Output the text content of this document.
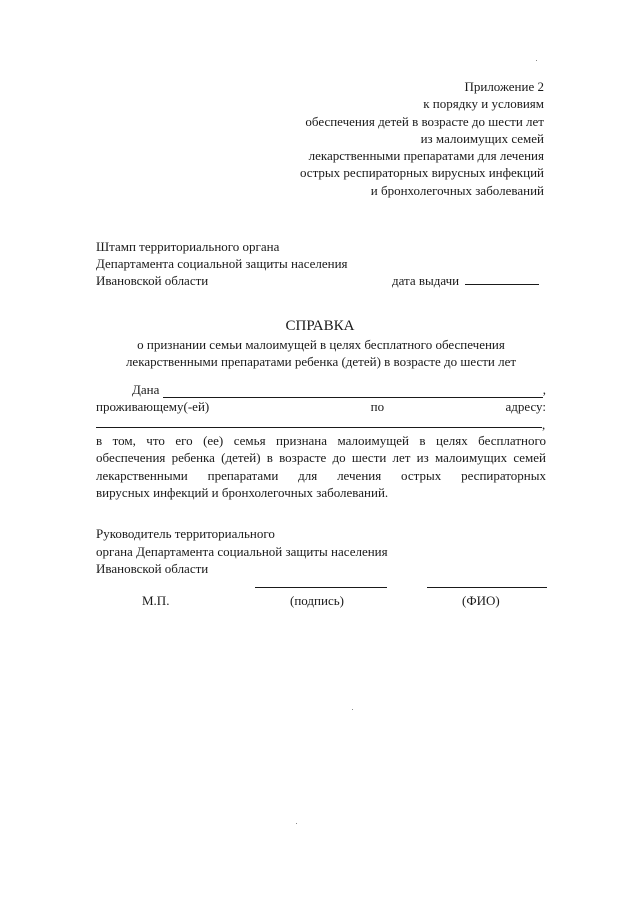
Приложение 2
к порядку и условиям
обеспечения детей в возрасте до шести лет
из малоимущих семей
лекарственными препаратами для лечения
острых респираторных вирусных инфекций
и бронхолегочных заболеваний
Штамп территориального органа
Департамента социальной защиты населения
Ивановской области	дата выдачи
СПРАВКА
о признании семьи малоимущей в целях бесплатного обеспечения
лекарственными препаратами ребенка (детей) в возрасте до шести лет
Дана	,
проживающему(-ей)	по	адресу:
,
в том, что его (ее) семья признана малоимущей в целях бесплатного
обеспечения ребенка (детей) в возрасте до шести лет из малоимущих семей
лекарственными препаратами для лечения острых респираторных
вирусных инфекций и бронхолегочных заболеваний.
Руководитель территориального
органа Департамента социальной защиты населения
Ивановской области
М.П.	(подпись)	(ФИО)
